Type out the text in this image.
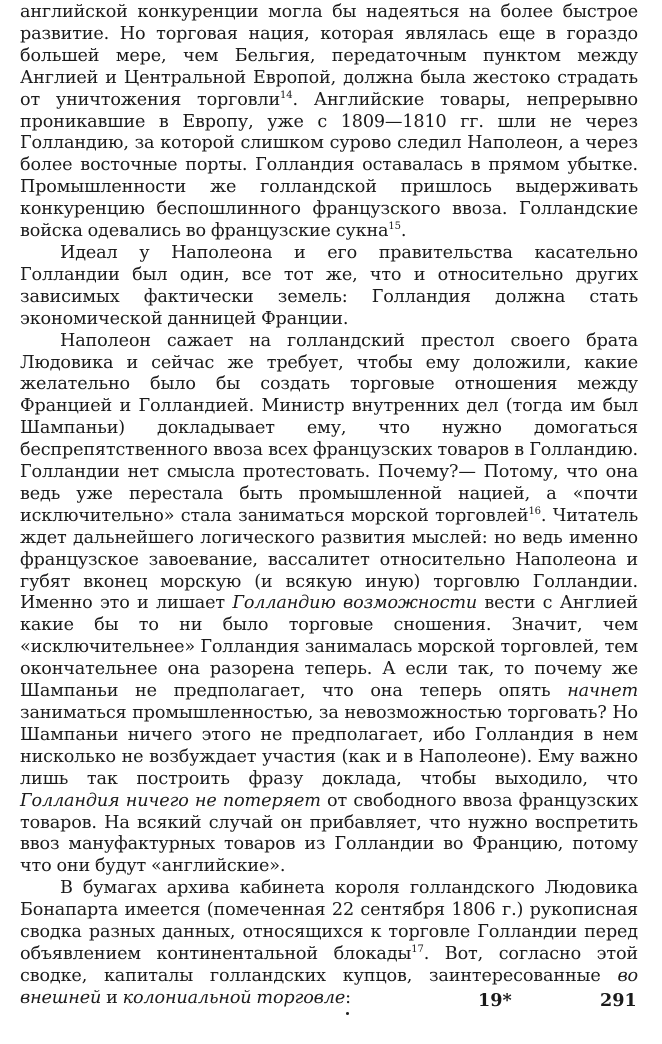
английской конкуренции могла бы надеяться на более быстрое развитие. Но торговая нация, которая являлась еще в гораздо большей мере, чем Бельгия, передаточным пунктом между Англией и Центральной Европой, должна была жестоко страдать от уничтожения торговли$^{14}$. Английские товары, непрерывно проникавшие в Европу, уже с 1809—1810 гг. шли не через Голландию, за которой слишком сурово следил Наполеон, а через более восточные порты. Голландия оставалась в прямом убытке. Промышленности же голландской пришлось выдерживать конкуренцию беспошлинного французского ввоза. Голландские войска одевались во французские сукна$^{15}$.

Идеал у Наполеона и его правительства касательно Голландии был один, все тот же, что и относительно других зависимых фактически земель: Голландия должна стать экономической данницей Франции.

Наполеон сажает на голландский престол своего брата Людовика и сейчас же требует, чтобы ему доложили, какие желательно было бы создать торговые отношения между Францией и Голландией. Министр внутренних дел (тогда им был Шампаньи) докладывает ему, что нужно домогаться беспрепятственного ввоза всех французских товаров в Голландию. Голландии нет смысла протестовать. Почему?— Потому, что она ведь уже перестала быть промышленной нацией, а «почти исключительно» стала заниматься морской торговлей$^{16}$. Читатель ждет дальнейшего логического развития мыслей: но ведь именно французское завоевание, вассалитет относительно Наполеона и губят вконец морскую (и всякую иную) торговлю Голландии. Именно это и лишает Голландию возможности вести с Англией какие бы то ни было торговые сношения. Значит, чем «исключительнее» Голландия занималась морской торговлей, тем окончательнее она разорена теперь. А если так, то почему же Шампаньи не предполагает, что она теперь опять начнет заниматься промышленностью, за невозможностью торговать? Но Шампаньи ничего этого не предполагает, ибо Голландия в нем нисколько не возбуждает участия (как и в Наполеоне). Ему важно лишь так построить фразу доклада, чтобы выходило, что Голландия ничего не потеряет от свободного ввоза французских товаров. На всякий случай он прибавляет, что нужно воспретить ввоз мануфактурных товаров из Голландии во Францию, потому что они будут «английские».

В бумагах архива кабинета короля голландского Людовика Бонапарта имеется (помеченная 22 сентября 1806 г.) рукописная сводка разных данных, относящихся к торговле Голландии перед объявлением континентальной блокады$^{17}$. Вот, согласно этой сводке, капиталы голландских купцов, заинтересованные во внешней и колониальной торговле:	19*	291
